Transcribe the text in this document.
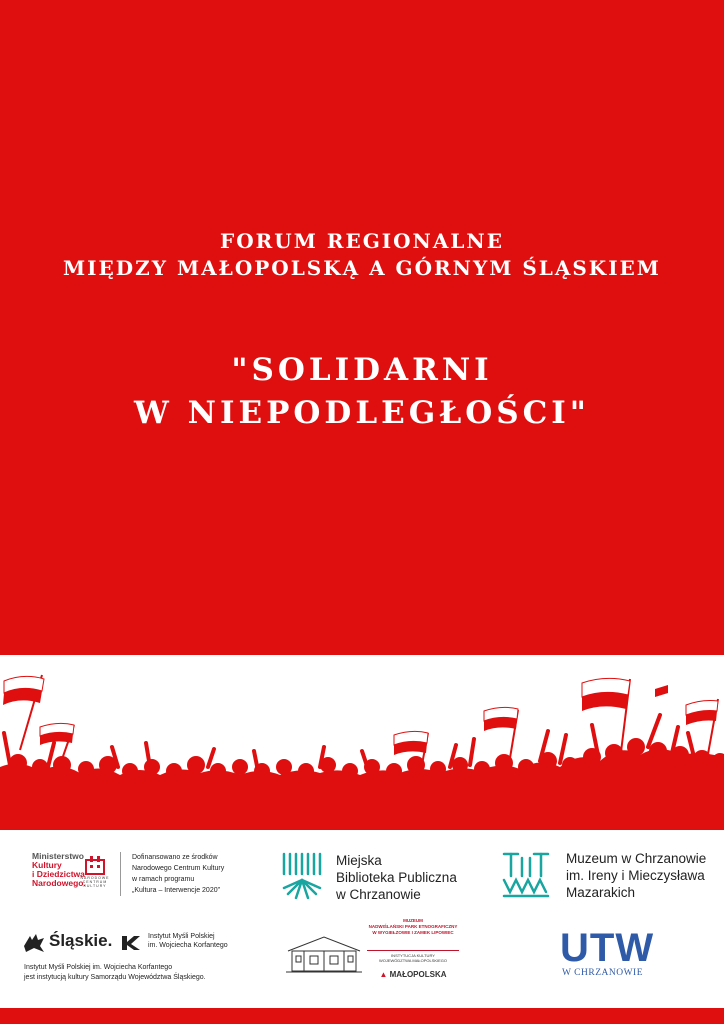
FORUM REGIONALNE
MIĘDZY MAŁOPOLSKĄ A GÓRNYM ŚLĄSKIEM
"SOLIDARNI
W NIEPODLEGŁOŚCI"
Ministerstwo
Kultury
i Dziedzictwa
Narodowego.
NARODOWE CENTRUM KULTURY
Dofinansowano ze środków
Narodowego Centrum Kultury
w ramach programu
„Kultura – Interwencje 2020”
Miejska
Biblioteka Publiczna
w Chrzanowie
Muzeum w Chrzanowie
im. Ireny i Mieczysława
Mazarakich
Śląskie.	Instytut Myśli Polskiej
im. Wojciecha Korfantego
Instytut Myśli Polskiej im. Wojciecha Korfantego
jest instytucją kultury Samorządu Województwa Śląskiego.
MUZEUM
NADWIŚLAŃSKI PARK ETNOGRAFICZNY
W WYGIEŁZOWIE I ZAMEK LIPOWIEC
INSTYTUCJA KULTURY
WOJEWÓDZTWA MAŁOPOLSKIEGO
▲ MAŁOPOLSKA
UTW
W CHRZANOWIE
